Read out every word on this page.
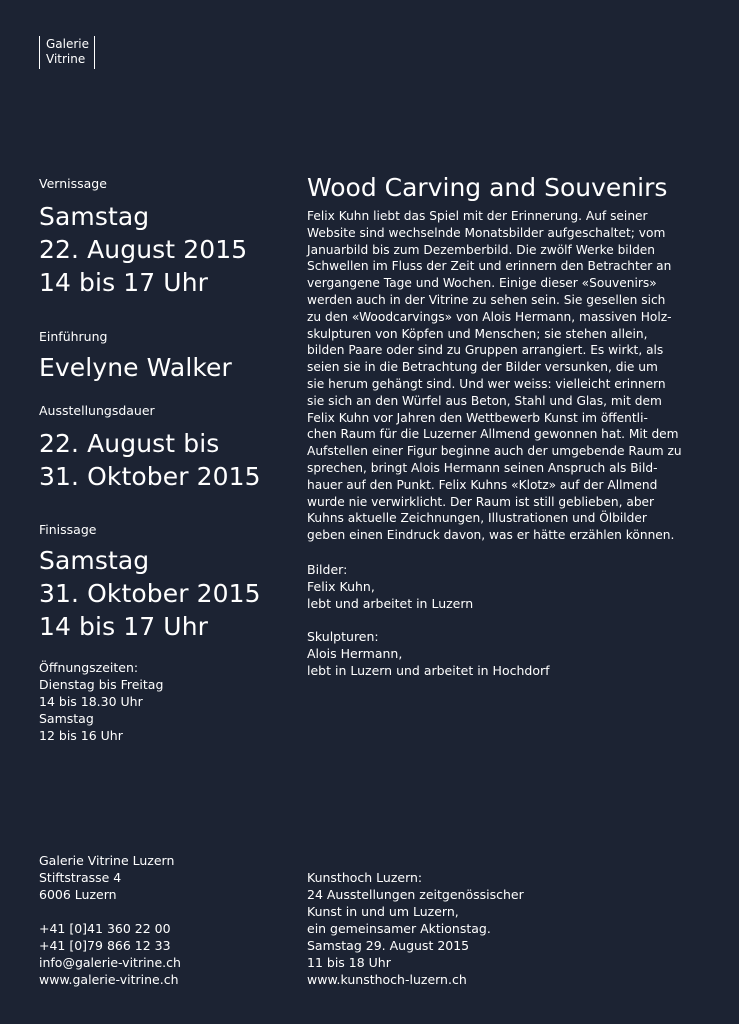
Galerie
Vitrine
Vernissage
Samstag
22. August 2015
14 bis 17 Uhr
Einführung
Evelyne Walker
Ausstellungsdauer
22. August bis
31. Oktober 2015
Finissage
Samstag
31. Oktober 2015
14 bis 17 Uhr
Öffnungszeiten:
Dienstag bis Freitag
14 bis 18.30 Uhr
Samstag
12 bis 16 Uhr
Wood Carving and Souvenirs
Felix Kuhn liebt das Spiel mit der Erinnerung. Auf seiner
Website sind wechselnde Monatsbilder aufgeschaltet; vom
Januarbild bis zum Dezemberbild. Die zwölf Werke bilden
Schwellen im Fluss der Zeit und erinnern den Betrachter an
vergangene Tage und Wochen. Einige dieser «Souvenirs»
werden auch in der Vitrine zu sehen sein. Sie gesellen sich
zu den «Woodcarvings» von Alois Hermann, massiven Holz-
skulpturen von Köpfen und Menschen; sie stehen allein,
bilden Paare oder sind zu Gruppen arrangiert. Es wirkt, als
seien sie in die Betrachtung der Bilder versunken, die um
sie herum gehängt sind. Und wer weiss: vielleicht erinnern
sie sich an den Würfel aus Beton, Stahl und Glas, mit dem
Felix Kuhn vor Jahren den Wettbewerb Kunst im öffentli-
chen Raum für die Luzerner Allmend gewonnen hat. Mit dem
Aufstellen einer Figur beginne auch der umgebende Raum zu
sprechen, bringt Alois Hermann seinen Anspruch als Bild-
hauer auf den Punkt. Felix Kuhns «Klotz» auf der Allmend
wurde nie verwirklicht. Der Raum ist still geblieben, aber
Kuhns aktuelle Zeichnungen, Illustrationen und Ölbilder
geben einen Eindruck davon, was er hätte erzählen können.
Bilder:
Felix Kuhn,
lebt und arbeitet in Luzern
Skulpturen:
Alois Hermann,
lebt in Luzern und arbeitet in Hochdorf
Galerie Vitrine Luzern
Stiftstrasse 4
6006 Luzern
+41 [0]41 360 22 00
+41 [0]79 866 12 33
info@galerie-vitrine.ch
www.galerie-vitrine.ch
Kunsthoch Luzern:
24 Ausstellungen zeitgenössischer
Kunst in und um Luzern,
ein gemeinsamer Aktionstag.
Samstag 29. August 2015
11 bis 18 Uhr
www.kunsthoch-luzern.ch
